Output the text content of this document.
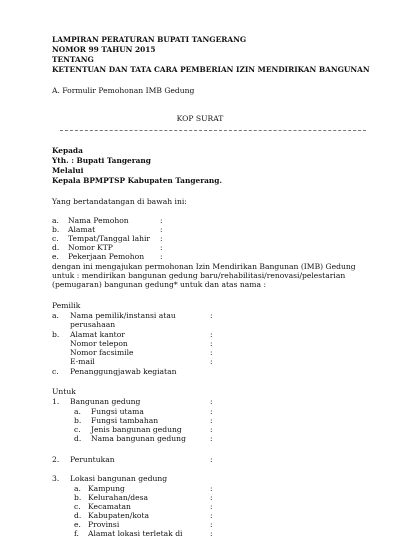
LAMPIRAN PERATURAN BUPATI TANGERANG
NOMOR 99 TAHUN 2015
TENTANG
KETENTUAN DAN TATA CARA PEMBERIAN IZIN MENDIRIKAN BANGUNAN
A. Formulir Pemohonan IMB Gedung
KOP SURAT
Kepada
Yth. : Bupati Tangerang
Melalui
Kepala BPMPTSP Kabupaten Tangerang.
Yang bertandatangan di bawah ini:
a. Nama Pemohon	:
b. Alamat	:
c. Tempat/Tanggal lahir :
d. Nomor KTP	:
e. Pekerjaan Pemohon :
dengan ini mengajukan permohonan Izin Mendirikan Bangunan (IMB) Gedung
untuk : mendirikan bangunan gedung baru/rehabilitasi/renovasi/pelestarian
(pemugaran) bangunan gedung* untuk dan atas nama :
Pemilik
a. Nama pemilik/instansi atau	:
perusahaan
b. Alamat kantor	:
Nomor telepon	:
Nomor facsimile	:
E-mail	:
c. Penanggungjawab kegiatan
Untuk
1. Bangunan gedung	:
a. Fungsi utama	:
b. Fungsi tambahan	:
c. Jenis bangunan gedung	:
d. Nama bangunan gedung	:
2. Peruntukan	:
3. Lokasi bangunan gedung
a. Kampung	:
b. Kelurahan/desa	:
c. Kecamatan	:
d. Kabupaten/kota	:
e. Provinsi	:
f. Alamat lokasi terletak di	:
